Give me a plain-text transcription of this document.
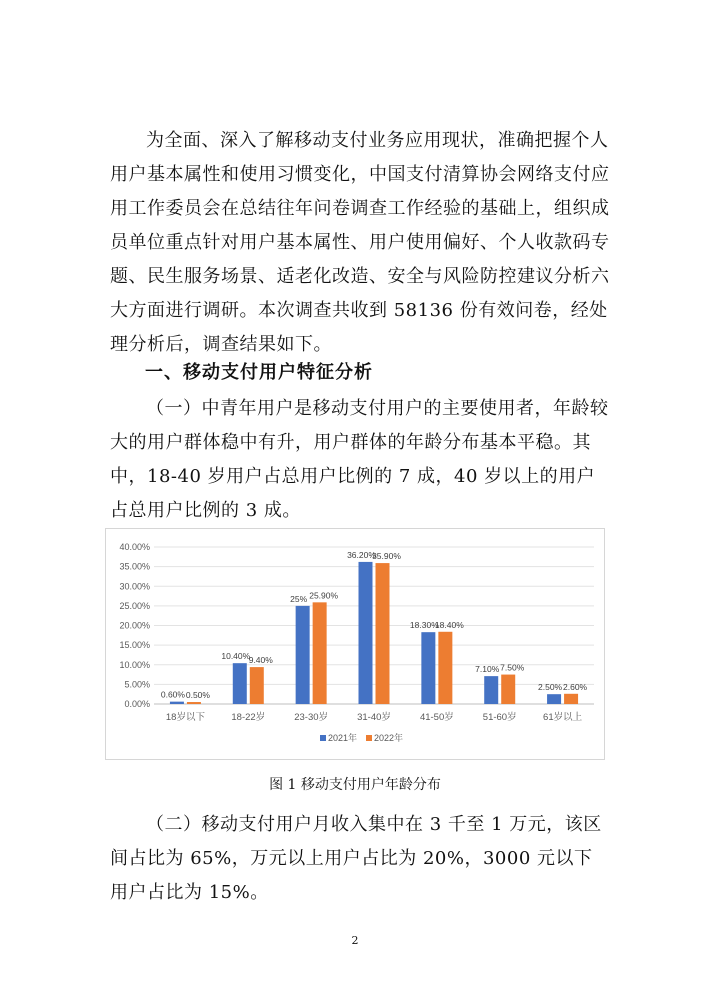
为全面、深入了解移动支付业务应用现状，准确把握个人用户基本属性和使用习惯变化，中国支付清算协会网络支付应用工作委员会在总结往年问卷调查工作经验的基础上，组织成员单位重点针对用户基本属性、用户使用偏好、个人收款码专题、民生服务场景、适老化改造、安全与风险防控建议分析六大方面进行调研。本次调查共收到 58136 份有效问卷，经处理分析后，调查结果如下。
一、移动支付用户特征分析
（一）中青年用户是移动支付用户的主要使用者，年龄较大的用户群体稳中有升，用户群体的年龄分布基本平稳。其中，18-40 岁用户占总用户比例的 7 成，40 岁以上的用户占总用户比例的 3 成。
0.00%
5.00%
10.00%
15.00%
20.00%
25.00%
30.00%
35.00%
40.00%
0.60% 0.50%
18岁以下
10.40%
9.40%
18-22岁
25% 25.90%
23-30岁
36.20%
35.90%
31-40岁
18.30%
18.40%
41-50岁
7.10% 7.50%
51-60岁
2.50% 2.60%
61岁以上
2021年 2022年
图 1 移动支付用户年龄分布
（二）移动支付用户月收入集中在 3 千至 1 万元，该区间占比为 65%，万元以上用户占比为 20%，3000 元以下用户占比为 15%。
2
